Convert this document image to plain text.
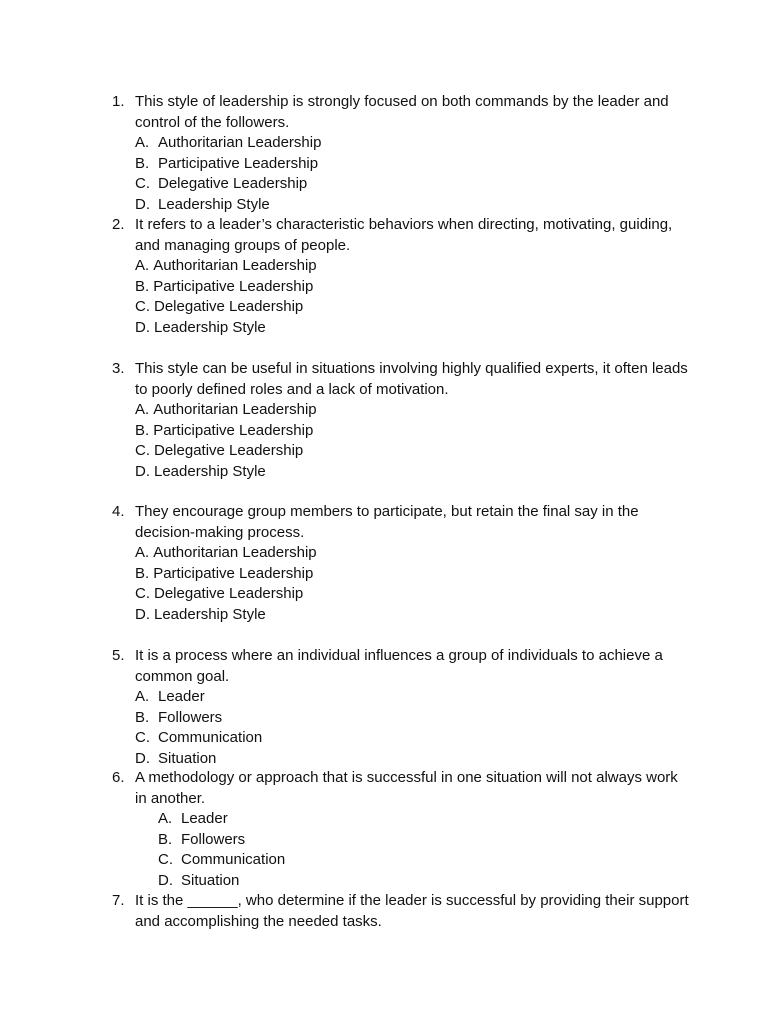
1. This style of leadership is strongly focused on both commands by the leader and control of the followers.
A. Authoritarian Leadership
B. Participative Leadership
C. Delegative Leadership
D. Leadership Style
2. It refers to a leader’s characteristic behaviors when directing, motivating, guiding, and managing groups of people.
A. Authoritarian Leadership
B. Participative Leadership
C. Delegative Leadership
D. Leadership Style
3. This style can be useful in situations involving highly qualified experts, it often leads to poorly defined roles and a lack of motivation.
A. Authoritarian Leadership
B. Participative Leadership
C. Delegative Leadership
D. Leadership Style
4. They encourage group members to participate, but retain the final say in the decision-making process.
A. Authoritarian Leadership
B. Participative Leadership
C. Delegative Leadership
D. Leadership Style
5. It is a process where an individual influences a group of individuals to achieve a common goal.
A. Leader
B. Followers
C. Communication
D. Situation
6. A methodology or approach that is successful in one situation will not always work in another.
A. Leader
B. Followers
C. Communication
D. Situation
7. It is the ______, who determine if the leader is successful by providing their support and accomplishing the needed tasks.
